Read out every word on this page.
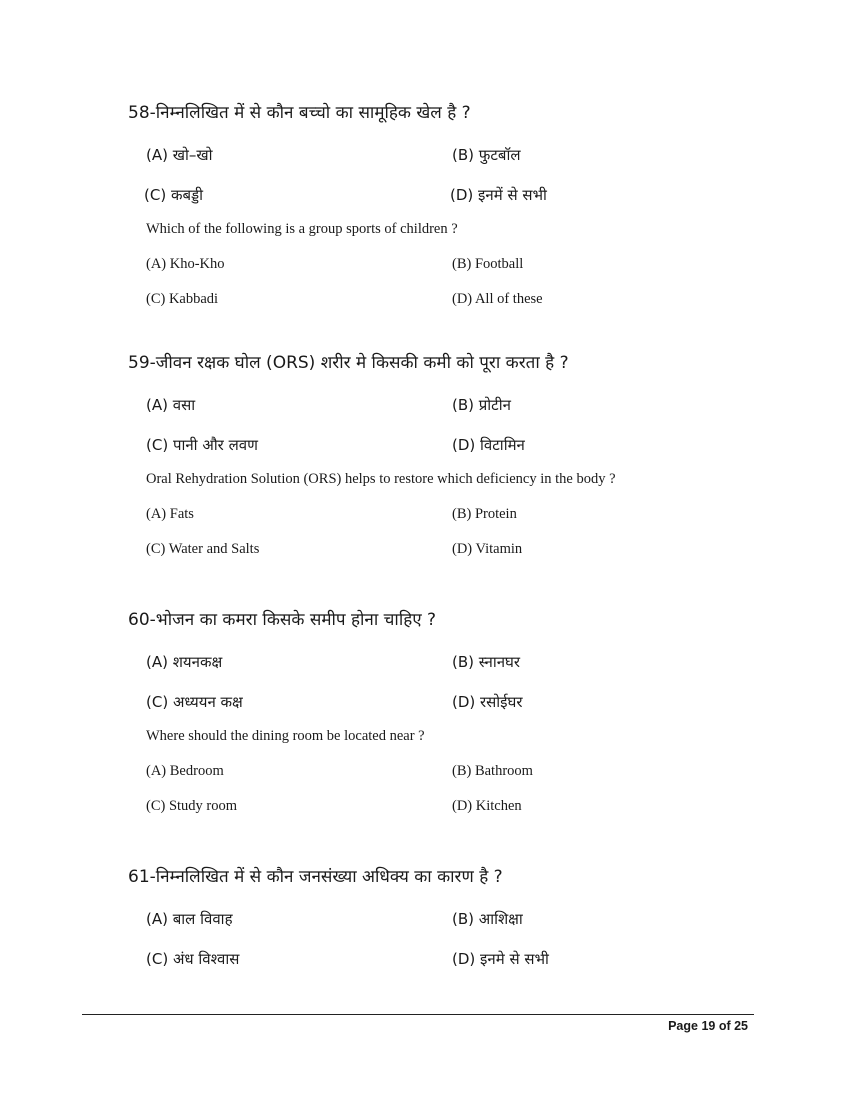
58-निम्नलिखित में से कौन बच्चो का सामूहिक खेल है ?

(A) खो–खो	(B) फुटबॉल
(C) कबड्डी	(D) इनमें से सभी
Which of the following is a group sports of children ?
(A) Kho-Kho	(B) Football
(C) Kabbadi	(D) All of these

59-जीवन रक्षक घोल (ORS) शरीर मे किसकी कमी को पूरा करता है ?

(A) वसा	(B) प्रोटीन
(C) पानी और लवण	(D) विटामिन
Oral Rehydration Solution (ORS) helps to restore which deficiency in the body ?
(A) Fats	(B) Protein
(C) Water and Salts	(D) Vitamin

60-भोजन का कमरा किसके समीप होना चाहिए ?

(A) शयनकक्ष	(B) स्नानघर
(C) अध्ययन कक्ष	(D) रसोईघर
Where should the dining room be located near ?
(A) Bedroom	(B) Bathroom
(C) Study room	(D) Kitchen

61-निम्नलिखित में से कौन जनसंख्या अधिक्य का कारण है ?

(A) बाल विवाह	(B) आशिक्षा
(C) अंध विश्वास	(D) इनमे से सभी
Page 19 of 25
